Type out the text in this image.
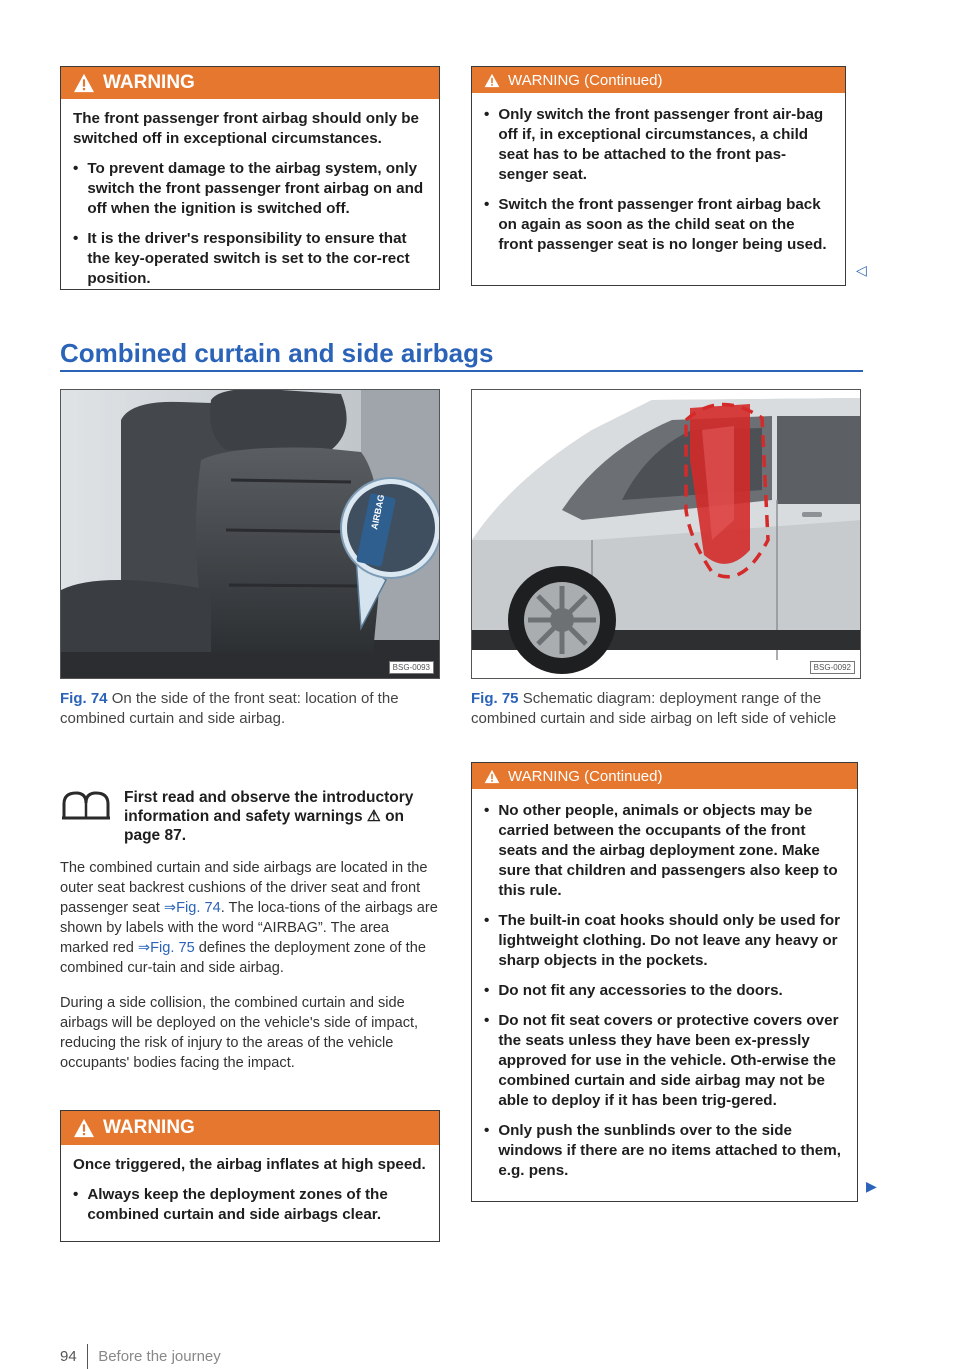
WARNING

The front passenger front airbag should only be switched off in exceptional circumstances.

• To prevent damage to the airbag system, only switch the front passenger front airbag on and off when the ignition is switched off.

• It is the driver's responsibility to ensure that the key-operated switch is set to the cor-rect position.

WARNING (Continued)

• Only switch the front passenger front air-bag off if, in exceptional circumstances, a child seat has to be attached to the front pas-senger seat.

• Switch the front passenger front airbag back on again as soon as the child seat on the front passenger seat is no longer being used.

◁
Combined curtain and side airbags
AIRBAG
BSG-0093	BSG-0092
Fig. 74 On the side of the front seat: location of the combined curtain and side airbag.
Fig. 75 Schematic diagram: deployment range of the combined curtain and side airbag on left side of vehicle
First read and observe the introductory information and safety warnings ⚠ on page 87.
The combined curtain and side airbags are located in the outer seat backrest cushions of the driver seat and front passenger seat ⇒Fig. 74. The loca-tions of the airbags are shown by labels with the word “AIRBAG”. The area marked red ⇒Fig. 75 defines the deployment zone of the combined cur-tain and side airbag.
During a side collision, the combined curtain and side airbags will be deployed on the vehicle's side of impact, reducing the risk of injury to the areas of the vehicle occupants' bodies facing the impact.
WARNING

Once triggered, the airbag inflates at high speed.

• Always keep the deployment zones of the combined curtain and side airbags clear.

WARNING (Continued)

• No other people, animals or objects may be carried between the occupants of the front seats and the airbag deployment zone. Make sure that children and passengers also keep to this rule.

• The built-in coat hooks should only be used for lightweight clothing. Do not leave any heavy or sharp objects in the pockets.

• Do not fit any accessories to the doors.

• Do not fit seat covers or protective covers over the seats unless they have been ex-pressly approved for use in the vehicle. Oth-erwise the combined curtain and side airbag may not be able to deploy if it has been trig-gered.

• Only push the sunblinds over to the side windows if there are no items attached to them, e.g. pens.

▶
94 Before the journey
